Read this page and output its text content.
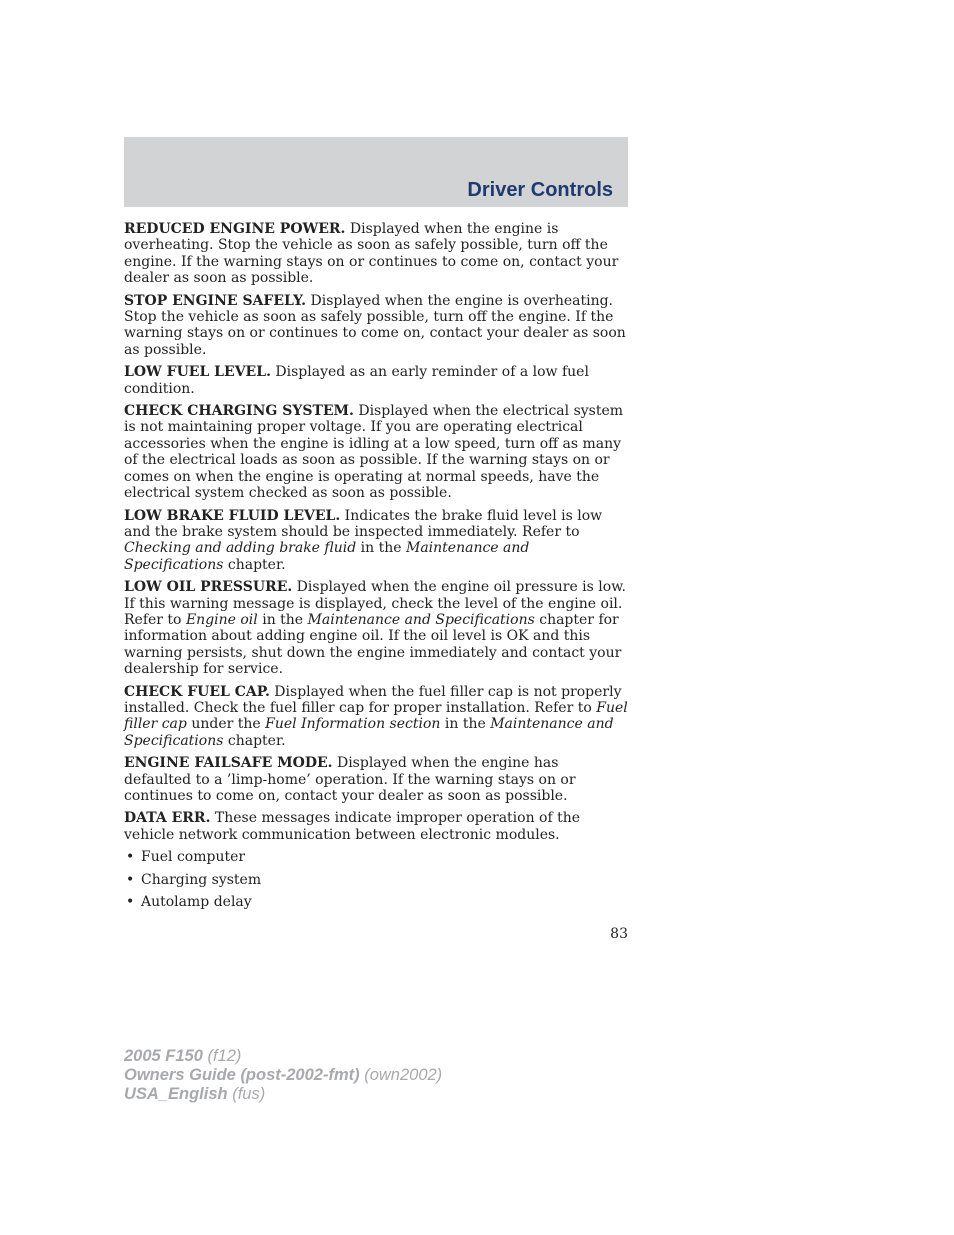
Driver Controls

REDUCED ENGINE POWER. Displayed when the engine is overheating. Stop the vehicle as soon as safely possible, turn off the engine. If the warning stays on or continues to come on, contact your dealer as soon as possible.

STOP ENGINE SAFELY. Displayed when the engine is overheating. Stop the vehicle as soon as safely possible, turn off the engine. If the warning stays on or continues to come on, contact your dealer as soon as possible.

LOW FUEL LEVEL. Displayed as an early reminder of a low fuel condition.

CHECK CHARGING SYSTEM. Displayed when the electrical system is not maintaining proper voltage. If you are operating electrical accessories when the engine is idling at a low speed, turn off as many of the electrical loads as soon as possible. If the warning stays on or comes on when the engine is operating at normal speeds, have the electrical system checked as soon as possible.

LOW BRAKE FLUID LEVEL. Indicates the brake fluid level is low and the brake system should be inspected immediately. Refer to Checking and adding brake fluid in the Maintenance and Specifications chapter.

LOW OIL PRESSURE. Displayed when the engine oil pressure is low. If this warning message is displayed, check the level of the engine oil. Refer to Engine oil in the Maintenance and Specifications chapter for information about adding engine oil. If the oil level is OK and this warning persists, shut down the engine immediately and contact your dealership for service.

CHECK FUEL CAP. Displayed when the fuel filler cap is not properly installed. Check the fuel filler cap for proper installation. Refer to Fuel filler cap under the Fuel Information section in the Maintenance and Specifications chapter.

ENGINE FAILSAFE MODE. Displayed when the engine has defaulted to a ’limp-home’ operation. If the warning stays on or continues to come on, contact your dealer as soon as possible.

DATA ERR. These messages indicate improper operation of the vehicle network communication between electronic modules.

• Fuel computer
• Charging system
• Autolamp delay
83
2005 F150 (f12)
Owners Guide (post-2002-fmt) (own2002)
USA_English (fus)
